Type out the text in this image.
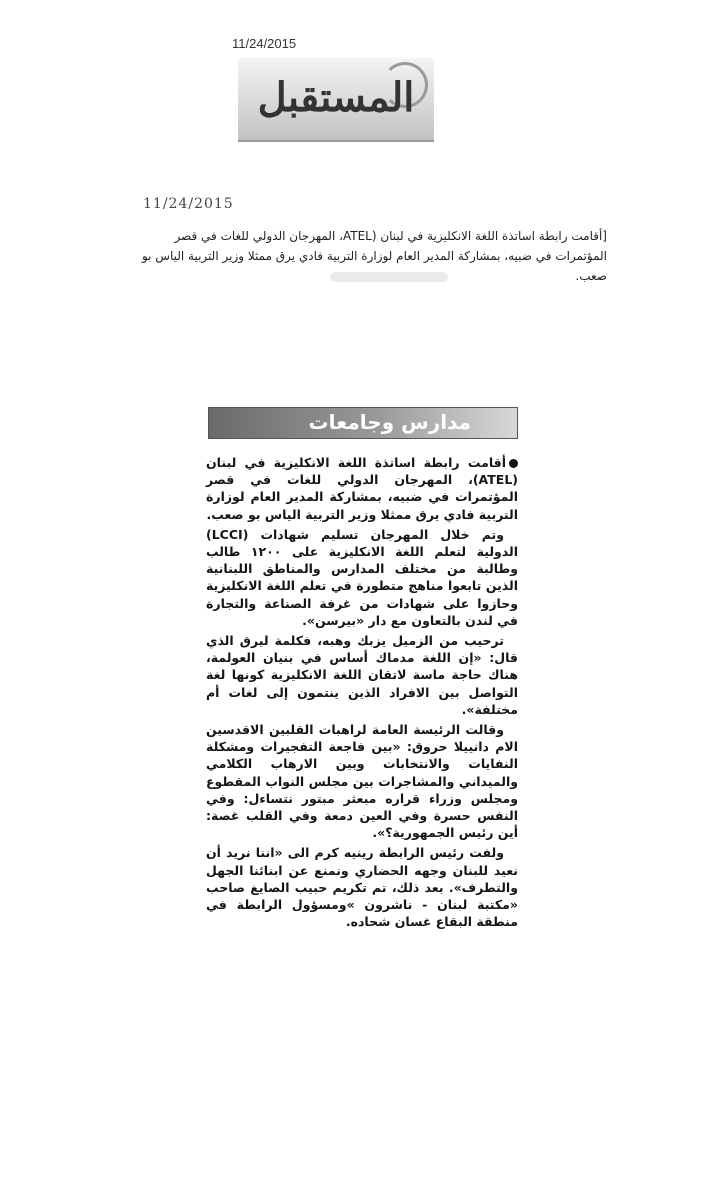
11/24/2015
المستقبل
11/24/2015
[أقامت رابطة اساتذة اللغة الانكليزية في لبنان (ATEL، المهرجان الدولي للغات في قصر المؤتمرات في ضبيه، بمشاركة المدير العام لوزارة التربية فادي يرق ممثلا وزير التربية الياس بو صعب.
مدارس وجامعات

أقامت رابطة اساتذة اللغة الانكليزية في لبنان (ATEL)، المهرجان الدولي للغات في قصر المؤتمرات في ضبيه، بمشاركة المدير العام لوزارة التربية فادي يرق ممثلا وزير التربية الياس بو صعب.

وتم خلال المهرجان تسليم شهادات (LCCI) الدولية لتعلم اللغة الانكليزية على ١٢٠٠ طالب وطالبة من مختلف المدارس والمناطق اللبنانية الذين تابعوا مناهج متطورة في تعلم اللغة الانكليزية وحازوا على شهادات من غرفة الصناعة والتجارة في لندن بالتعاون مع دار «بيرسن».

ترحيب من الزميل يزبك وهبه، فكلمة ليرق الذي قال: «إن اللغة مدماك أساس في بنيان العولمة، هناك حاجة ماسة لاتقان اللغة الانكليزية كونها لغة التواصل بين الافراد الذين ينتمون إلى لغات أم مختلفة».

وقالت الرئيسة العامة لراهبات القلبين الاقدسين الام دانييلا حروق: «بين فاجعة التفجيرات ومشكلة النفايات والانتخابات وبين الارهاب الكلامي والميداني والمشاجرات بين مجلس النواب المقطوع ومجلس وزراء قراره مبعثر مبتور نتساءل: وفي النفس حسرة وفي العين دمعة وفي القلب غصة: أين رئيس الجمهورية؟».

ولفت رئيس الرابطة رينيه كرم الى «اننا نريد أن نعيد للبنان وجهه الحضاري ونمنع عن ابنائنا الجهل والتطرف». بعد ذلك، تم تكريم حبيب الصايغ صاحب «مكتبة لبنان - ناشرون »ومسؤول الرابطة في منطقة البقاع غسان شحاده.
